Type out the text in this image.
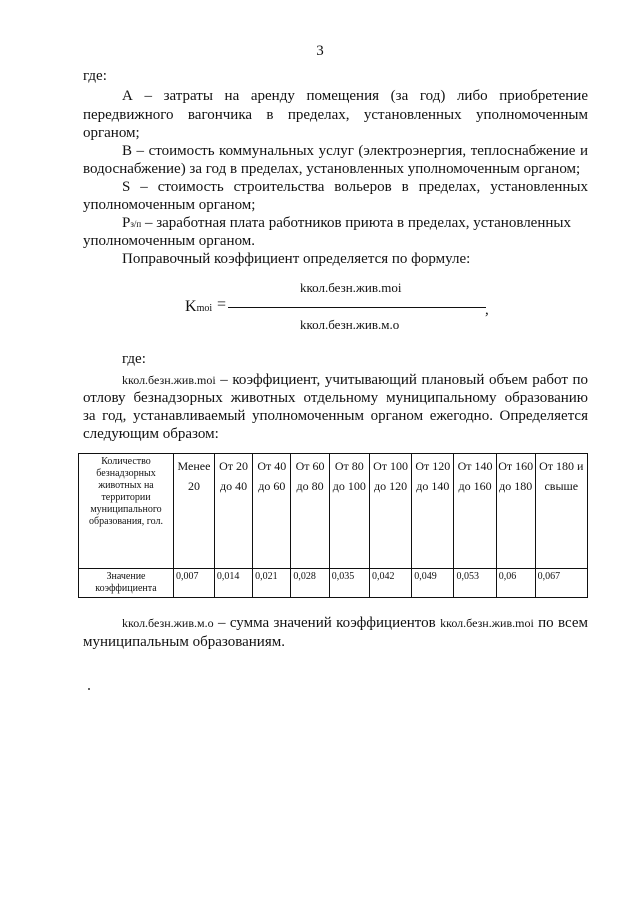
3
где:
А – затраты на аренду помещения (за год) либо приобретение
передвижного вагончика в пределах, установленных уполномоченным
органом;
В – стоимость коммунальных услуг (электроэнергия, теплоснабжение и
водоснабжение) за год в пределах, установленных уполномоченным органом;
S – стоимость строительства вольеров в пределах, установленных
уполномоченным органом;
Рз/п – заработная плата работников приюта в пределах, установленных
уполномоченным органом.
Поправочный коэффициент определяется по формуле:
Kmoi =
kкол.безн.жив.moi
kкол.безн.жив.м.о
,
где:
kкол.безн.жив.moi – коэффициент, учитывающий плановый объем работ по
отлову безнадзорных животных отдельному муниципальному образованию
за год, устанавливаемый уполномоченным органом ежегодно. Определяется
следующим образом:
Количество безнадзорных животных на территории муниципального образования, гол.	Менее 20	От 20 до 40	От 40 до 60	От 60 до 80	От 80 до 100	От 100 до 120	От 120 до 140	От 140 до 160	От 160 до 180	От 180 и свыше
Значение коэффициента	0,007	0,014	0,021	0,028	0,035	0,042	0,049	0,053	0,06	0,067
kкол.безн.жив.м.о – сумма значений коэффициентов kкол.безн.жив.moi по всем
муниципальным образованиям.
